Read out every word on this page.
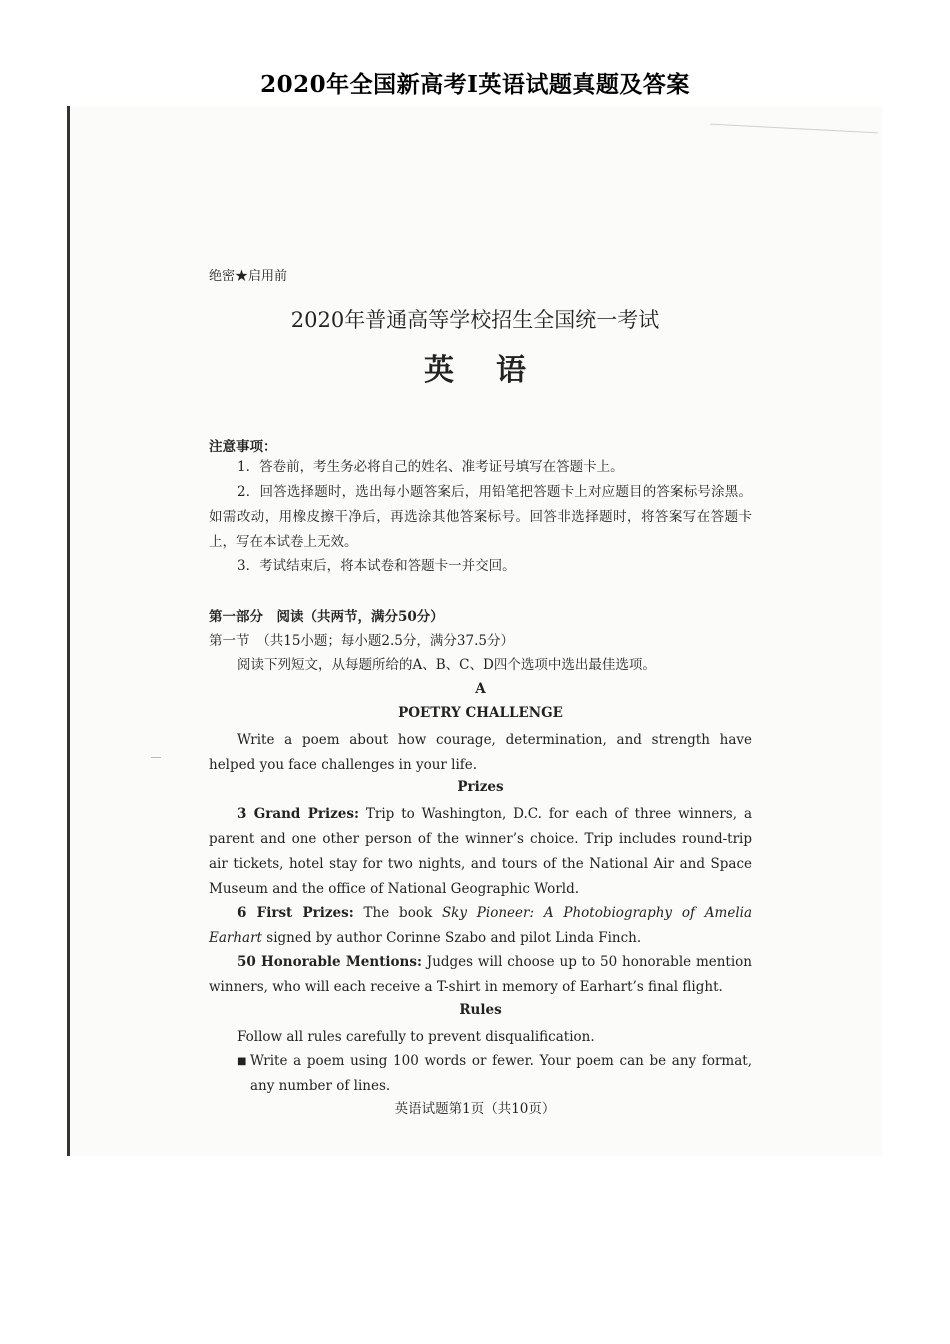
2020年全国新高考Ⅰ英语试题真题及答案
绝密★启用前
2020年普通高等学校招生全国统一考试
英语
注意事项：
1．答卷前，考生务必将自己的姓名、准考证号填写在答题卡上。
2．回答选择题时，选出每小题答案后，用铅笔把答题卡上对应题目的答案标号涂黑。如需改动，用橡皮擦干净后，再选涂其他答案标号。回答非选择题时，将答案写在答题卡上，写在本试卷上无效。
3．考试结束后，将本试卷和答题卡一并交回。
第一部分　阅读（共两节，满分50分）
第一节　（共15小题；每小题2.5分，满分37.5分）
阅读下列短文，从每题所给的A、B、C、D四个选项中选出最佳选项。
A
POETRY CHALLENGE
Write a poem about how courage, determination, and strength have helped you face challenges in your life.
Prizes
3 Grand Prizes: Trip to Washington, D.C. for each of three winners, a parent and one other person of the winner’s choice. Trip includes round-trip air tickets, hotel stay for two nights, and tours of the National Air and Space Museum and the office of National Geographic World.
6 First Prizes: The book Sky Pioneer: A Photobiography of Amelia Earhart signed by author Corinne Szabo and pilot Linda Finch.
50 Honorable Mentions: Judges will choose up to 50 honorable mention winners, who will each receive a T-shirt in memory of Earhart’s final flight.
Rules
Follow all rules carefully to prevent disqualification.
■ Write a poem using 100 words or fewer. Your poem can be any format, any number of lines.
英语试题第1页（共10页）
